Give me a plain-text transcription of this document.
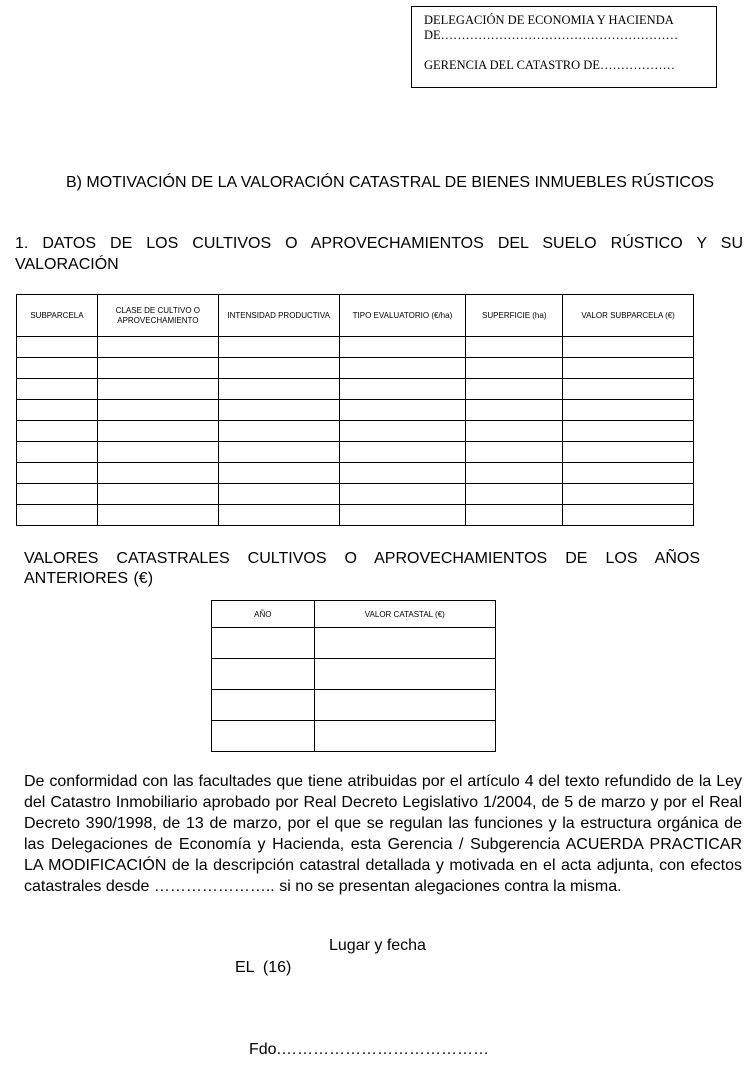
DELEGACIÓN DE ECONOMIA Y HACIENDA
DE…………………………………………………
GERENCIA DEL CATASTRO DE………………
B) MOTIVACIÓN DE LA VALORACIÓN CATASTRAL DE BIENES INMUEBLES RÚSTICOS
1. DATOS DE LOS CULTIVOS O APROVECHAMIENTOS DEL SUELO RÚSTICO Y SU VALORACIÓN
SUBPARCELA	CLASE DE CULTIVO O APROVECHAMIENTO	INTENSIDAD PRODUCTIVA	TIPO EVALUATORIO (€/ha)	SUPERFICIE (ha)	VALOR SUBPARCELA (€)

VALORES CATASTRALES CULTIVOS O APROVECHAMIENTOS DE LOS AÑOS ANTERIORES (€)
AÑO	VALOR CATASTAL (€)

De conformidad con las facultades que tiene atribuidas por el artículo 4 del texto refundido de la Ley del Catastro Inmobiliario aprobado por Real Decreto Legislativo 1/2004, de 5 de marzo y por el Real Decreto 390/1998, de 13 de marzo, por el que se regulan las funciones y la estructura orgánica de las Delegaciones de Economía y Hacienda, esta Gerencia / Subgerencia ACUERDA PRACTICAR LA MODIFICACIÓN de la descripción catastral detallada y motivada en el acta adjunta, con efectos catastrales desde ………………….. si no se presentan alegaciones contra la misma.
Lugar y fecha
EL  (16)
Fdo.…………………………………
